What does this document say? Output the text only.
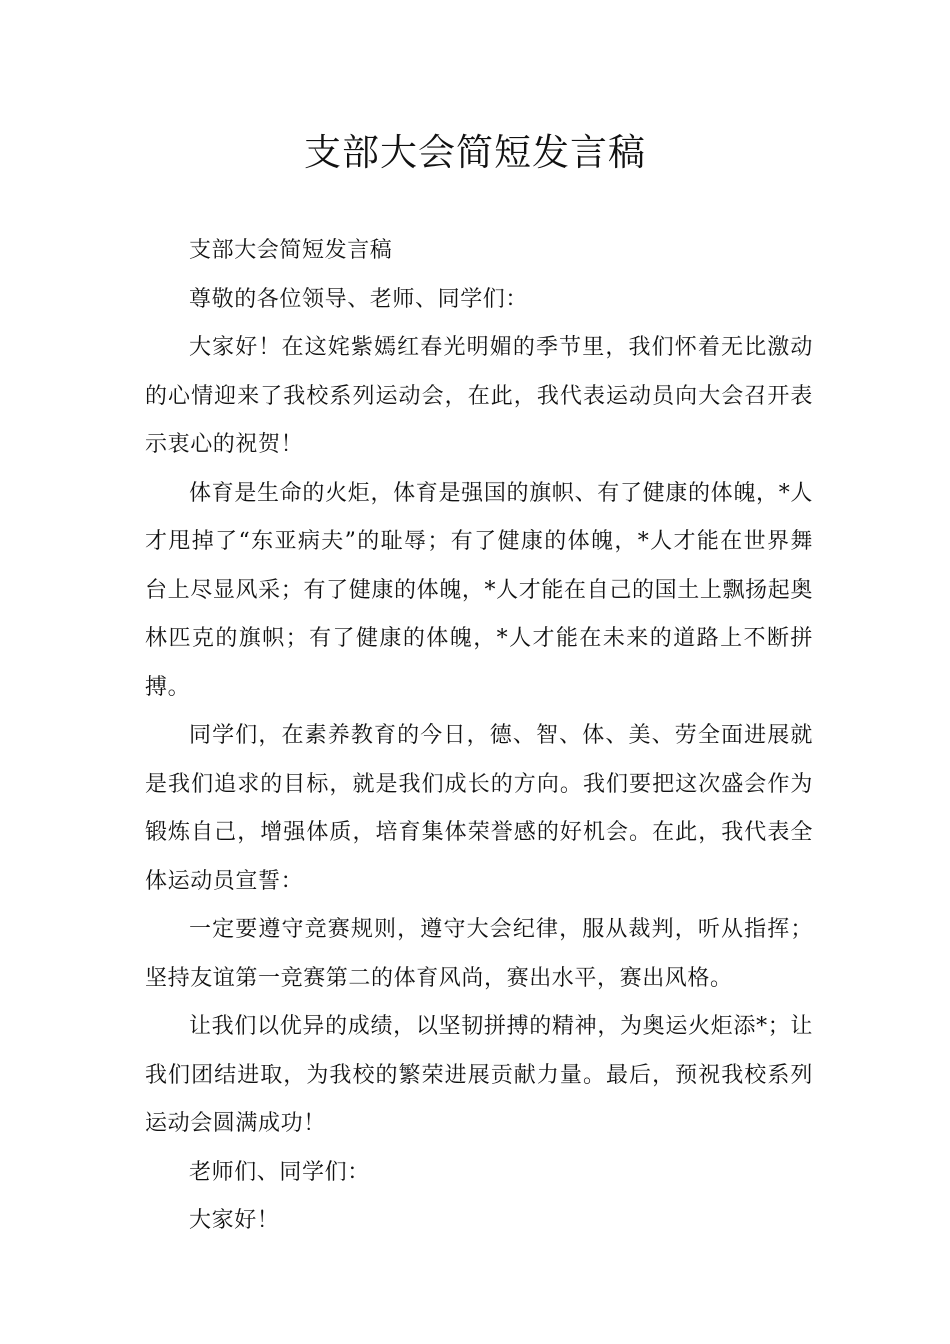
支部大会简短发言稿

支部大会简短发言稿

尊敬的各位领导、老师、同学们：

大家好！在这姹紫嫣红春光明媚的季节里，我们怀着无比激动的心情迎来了我校系列运动会，在此，我代表运动员向大会召开表示衷心的祝贺！

体育是生命的火炬，体育是强国的旗帜、有了健康的体魄，*人才甩掉了“东亚病夫”的耻辱；有了健康的体魄，*人才能在世界舞台上尽显风采；有了健康的体魄，*人才能在自己的国土上飘扬起奥林匹克的旗帜；有了健康的体魄，*人才能在未来的道路上不断拼搏。

同学们，在素养教育的今日，德、智、体、美、劳全面进展就是我们追求的目标，就是我们成长的方向。我们要把这次盛会作为锻炼自己，增强体质，培育集体荣誉感的好机会。在此，我代表全体运动员宣誓：

一定要遵守竞赛规则，遵守大会纪律，服从裁判，听从指挥；坚持友谊第一竞赛第二的体育风尚，赛出水平，赛出风格。

让我们以优异的成绩，以坚韧拼搏的精神，为奥运火炬添*；让我们团结进取，为我校的繁荣进展贡献力量。最后，预祝我校系列运动会圆满成功！

老师们、同学们：

大家好！
